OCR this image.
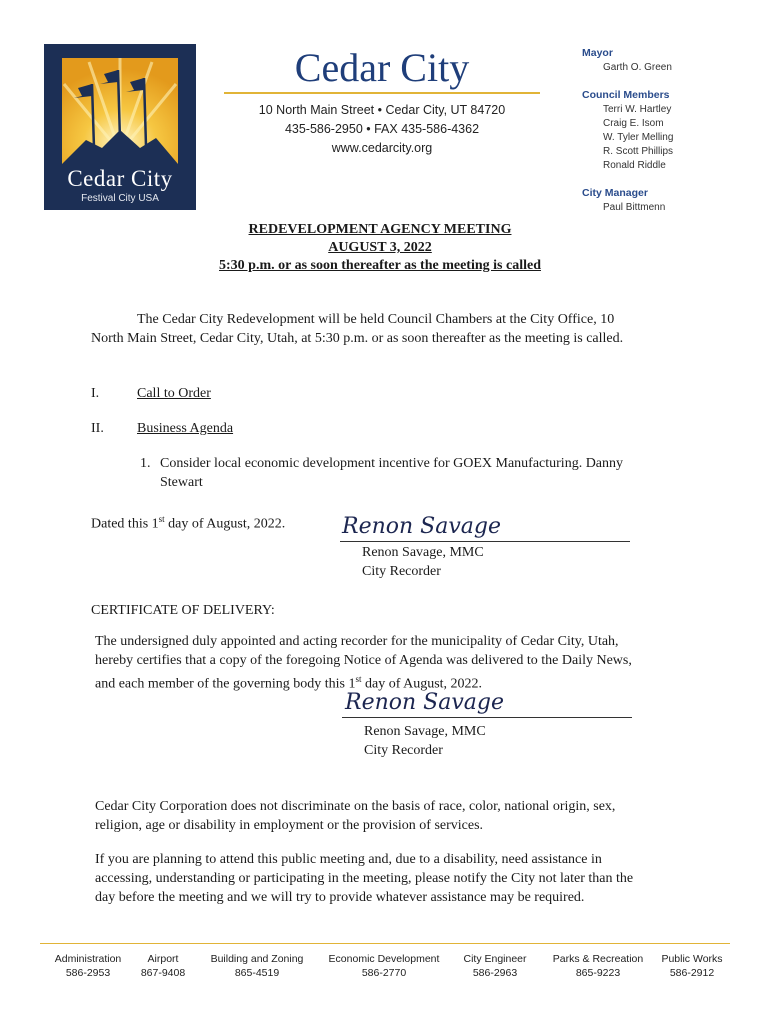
Cedar City
Festival City USA
Cedar City
10 North Main Street • Cedar City, UT 84720
435-586-2950 • FAX 435-586-4362
www.cedarcity.org
Mayor
Garth O. Green
Council Members
Terri W. Hartley
Craig E. Isom
W. Tyler Melling
R. Scott Phillips
Ronald Riddle
City Manager
Paul Bittmenn
REDEVELOPMENT AGENCY MEETING
AUGUST 3, 2022
5:30 p.m. or as soon thereafter as the meeting is called
The Cedar City Redevelopment will be held Council Chambers at the City Office, 10
North Main Street, Cedar City, Utah, at 5:30 p.m. or as soon thereafter as the meeting is called.
I.	Call to Order
II. Business Agenda
1. Consider local economic development incentive for GOEX Manufacturing. Danny
Stewart
Dated this 1st day of August, 2022.	Renon Savage
Renon Savage, MMC
City Recorder
CERTIFICATE OF DELIVERY:
The undersigned duly appointed and acting recorder for the municipality of Cedar City, Utah,
hereby certifies that a copy of the foregoing Notice of Agenda was delivered to the Daily News,
and each member of the governing body this 1st day of August, 2022.
Renon Savage
Renon Savage, MMC
City Recorder
Cedar City Corporation does not discriminate on the basis of race, color, national origin, sex,
religion, age or disability in employment or the provision of services.
If you are planning to attend this public meeting and, due to a disability, need assistance in
accessing, understanding or participating in the meeting, please notify the City not later than the
day before the meeting and we will try to provide whatever assistance may be required.
Administration
586-2953
Airport
867-9408
Building and Zoning
865-4519
Economic Development
586-2770
City Engineer
586-2963
Parks & Recreation
865-9223
Public Works
586-2912
